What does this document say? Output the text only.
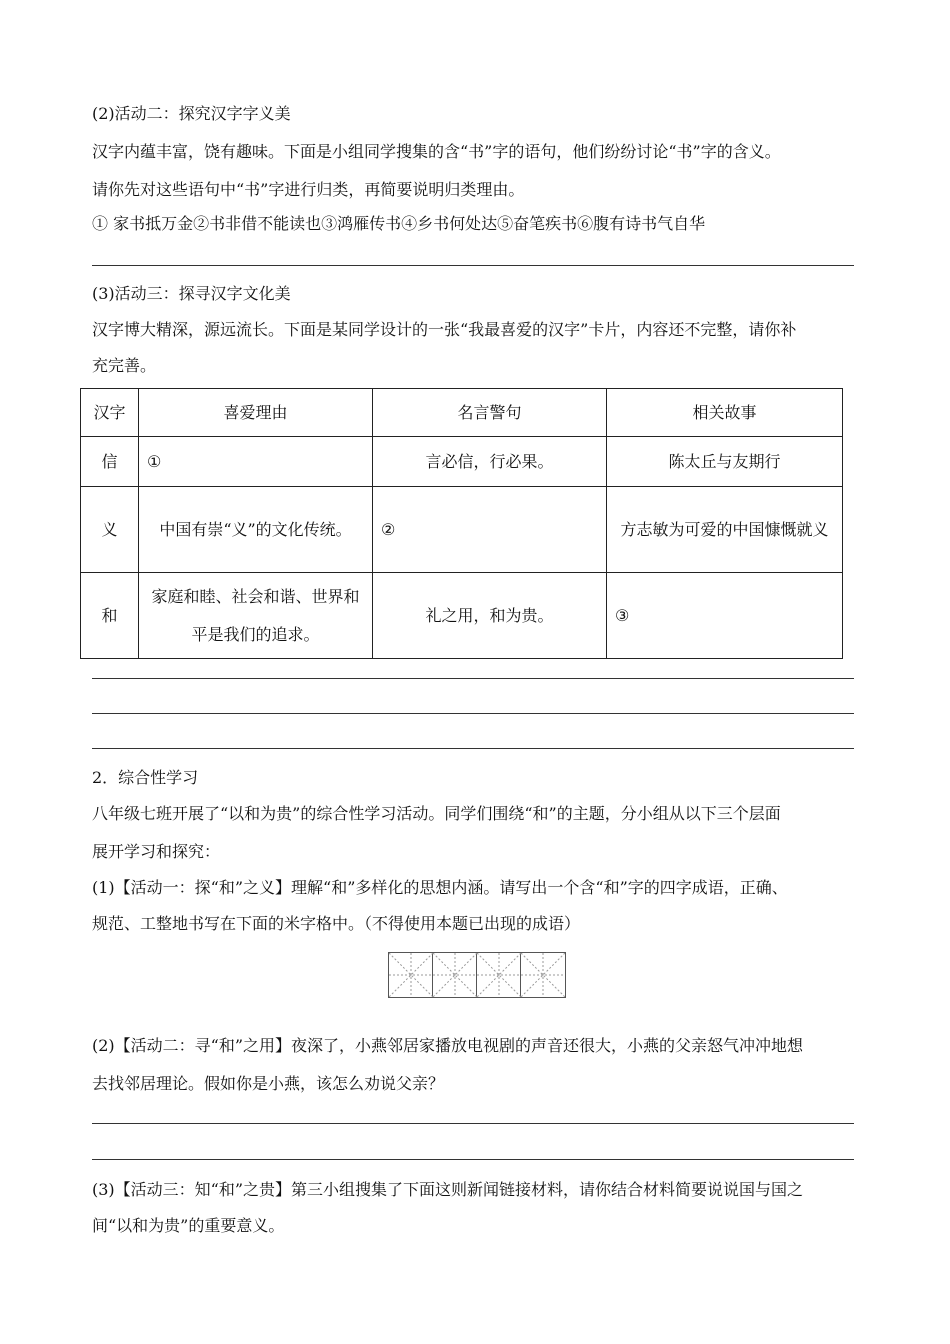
(2)活动二：探究汉字字义美
汉字内蕴丰富，饶有趣味。下面是小组同学搜集的含“书”字的语句，他们纷纷讨论“书”字的含义。
请你先对这些语句中“书”字进行归类，再简要说明归类理由。
① 家书抵万金②书非借不能读也③鸿雁传书④乡书何处达⑤奋笔疾书⑥腹有诗书气自华
(3)活动三：探寻汉字文化美
汉字博大精深，源远流长。下面是某同学设计的一张“我最喜爱的汉字”卡片，内容还不完整，请你补
充完善。
汉字	喜爱理由	名言警句	相关故事
信	①	言必信，行必果。	陈太丘与友期行
义	中国有崇“义”的文化传统。	②	方志敏为可爱的中国慷慨就义
和	家庭和睦、社会和谐、世界和平是我们的追求。	礼之用，和为贵。	③
2．综合性学习
八年级七班开展了“以和为贵”的综合性学习活动。同学们围绕“和”的主题，分小组从以下三个层面
展开学习和探究：
(1)【活动一：探“和”之义】理解“和”多样化的思想内涵。请写出一个含“和”字的四字成语，正确、
规范、工整地书写在下面的米字格中。（不得使用本题已出现的成语）
(2)【活动二：寻“和”之用】夜深了，小燕邻居家播放电视剧的声音还很大，小燕的父亲怒气冲冲地想
去找邻居理论。假如你是小燕，该怎么劝说父亲？
(3)【活动三：知“和”之贵】第三小组搜集了下面这则新闻链接材料，请你结合材料简要说说国与国之
间“以和为贵”的重要意义。
